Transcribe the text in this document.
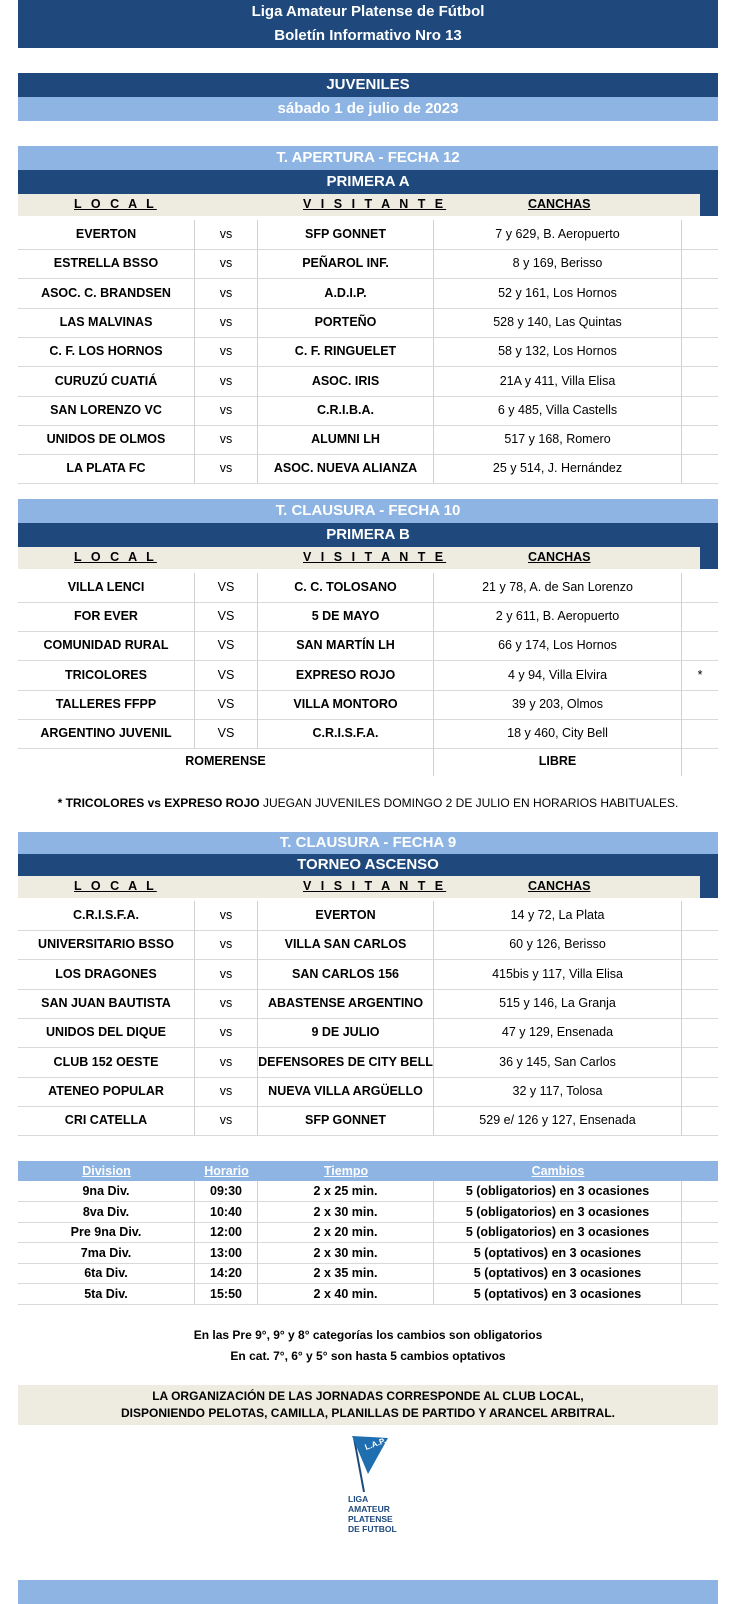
Liga Amateur Platense de Fútbol
Boletín Informativo Nro 13
JUVENILES
sábado 1 de julio de 2023
T. APERTURA - FECHA 12
PRIMERA A
L O C A L	V I S I T A N T E	CANCHAS
EVERTON	vs	SFP GONNET	7 y 629, B. Aeropuerto
ESTRELLA BSSO	vs	PEÑAROL INF.	8 y 169, Berisso
ASOC. C. BRANDSEN	vs	A.D.I.P.	52 y 161, Los Hornos
LAS MALVINAS	vs	PORTEÑO	528 y 140, Las Quintas
C. F. LOS HORNOS	vs	C. F. RINGUELET	58 y 132, Los Hornos
CURUZÚ CUATIÁ	vs	ASOC. IRIS	21A y 411, Villa Elisa
SAN LORENZO VC	vs	C.R.I.B.A.	6 y 485, Villa Castells
UNIDOS DE OLMOS	vs	ALUMNI LH	517 y 168, Romero
LA PLATA FC	vs	ASOC. NUEVA ALIANZA	25 y 514, J. Hernández
T. CLAUSURA - FECHA 10
PRIMERA B
L O C A L	V I S I T A N T E	CANCHAS
VILLA LENCI	VS	C. C. TOLOSANO	21 y 78, A. de San Lorenzo
FOR EVER	VS	5 DE MAYO	2 y 611, B. Aeropuerto
COMUNIDAD RURAL	VS	SAN MARTÍN LH	66 y 174, Los Hornos
TRICOLORES	VS	EXPRESO ROJO	4 y 94, Villa Elvira	*
TALLERES FFPP	VS	VILLA MONTORO	39 y 203, Olmos
ARGENTINO JUVENIL	VS	C.R.I.S.F.A.	18 y 460, City Bell
ROMERENSE	LIBRE
* TRICOLORES vs EXPRESO ROJO JUEGAN JUVENILES DOMINGO 2 DE JULIO EN HORARIOS HABITUALES.
T. CLAUSURA - FECHA 9
TORNEO ASCENSO
L O C A L	V I S I T A N T E	CANCHAS
C.R.I.S.F.A.	vs	EVERTON	14 y 72, La Plata
UNIVERSITARIO BSSO	vs	VILLA SAN CARLOS	60 y 126, Berisso
LOS DRAGONES	vs	SAN CARLOS 156	415bis y 117, Villa Elisa
SAN JUAN BAUTISTA	vs	ABASTENSE ARGENTINO	515 y 146, La Granja
UNIDOS DEL DIQUE	vs	9 DE JULIO	47 y 129, Ensenada
CLUB 152 OESTE	vs	DEFENSORES DE CITY BELL	36 y 145, San Carlos
ATENEO POPULAR	vs	NUEVA VILLA ARGÜELLO	32 y 117, Tolosa
CRI CATELLA	vs	SFP GONNET	529 e/ 126 y 127, Ensenada
Division	Horario	Tiempo	Cambios
9na Div.	09:30	2 x 25 min.	5 (obligatorios) en 3 ocasiones
8va Div.	10:40	2 x 30 min.	5 (obligatorios) en 3 ocasiones
Pre 9na Div.	12:00	2 x 20 min.	5 (obligatorios) en 3 ocasiones
7ma Div.	13:00	2 x 30 min.	5 (optativos) en 3 ocasiones
6ta Div.	14:20	2 x 35 min.	5 (optativos) en 3 ocasiones
5ta Div.	15:50	2 x 40 min.	5 (optativos) en 3 ocasiones
En las Pre 9°, 9° y 8° categorías los cambios son obligatorios
En cat. 7°, 6° y 5° son hasta 5 cambios optativos
LA ORGANIZACIÓN DE LAS JORNADAS CORRESPONDE AL CLUB LOCAL,
DISPONIENDO PELOTAS, CAMILLA, PLANILLAS DE PARTIDO Y ARANCEL ARBITRAL.
L.A.P.
LIGA
AMATEUR
PLATENSE
DE FUTBOL
